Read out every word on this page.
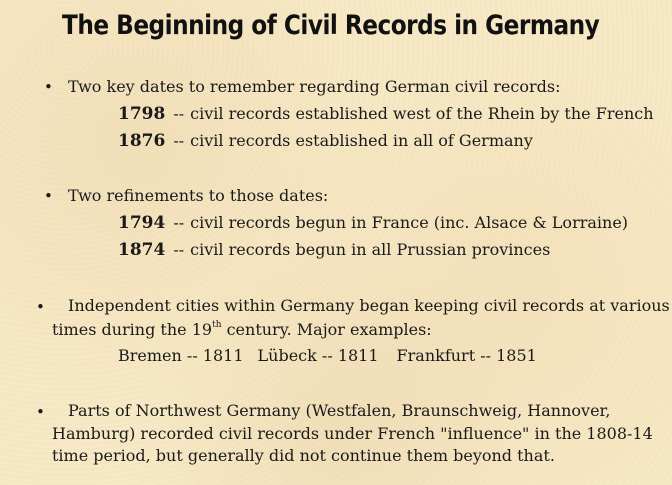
The Beginning of Civil Records in Germany
• Two key dates to remember regarding German civil records:
1798 -- civil records established west of the Rhein by the French
1876 -- civil records established in all of Germany
• Two refinements to those dates:
1794 -- civil records begun in France (inc. Alsace & Lorraine)
1874 -- civil records begun in all Prussian provinces
• Independent cities within Germany began keeping civil records at various
times during the 19th century. Major examples:
Bremen -- 1811 Lübeck -- 1811 Frankfurt -- 1851
• Parts of Northwest Germany (Westfalen, Braunschweig, Hannover,
Hamburg) recorded civil records under French "influence" in the 1808-14
time period, but generally did not continue them beyond that.
